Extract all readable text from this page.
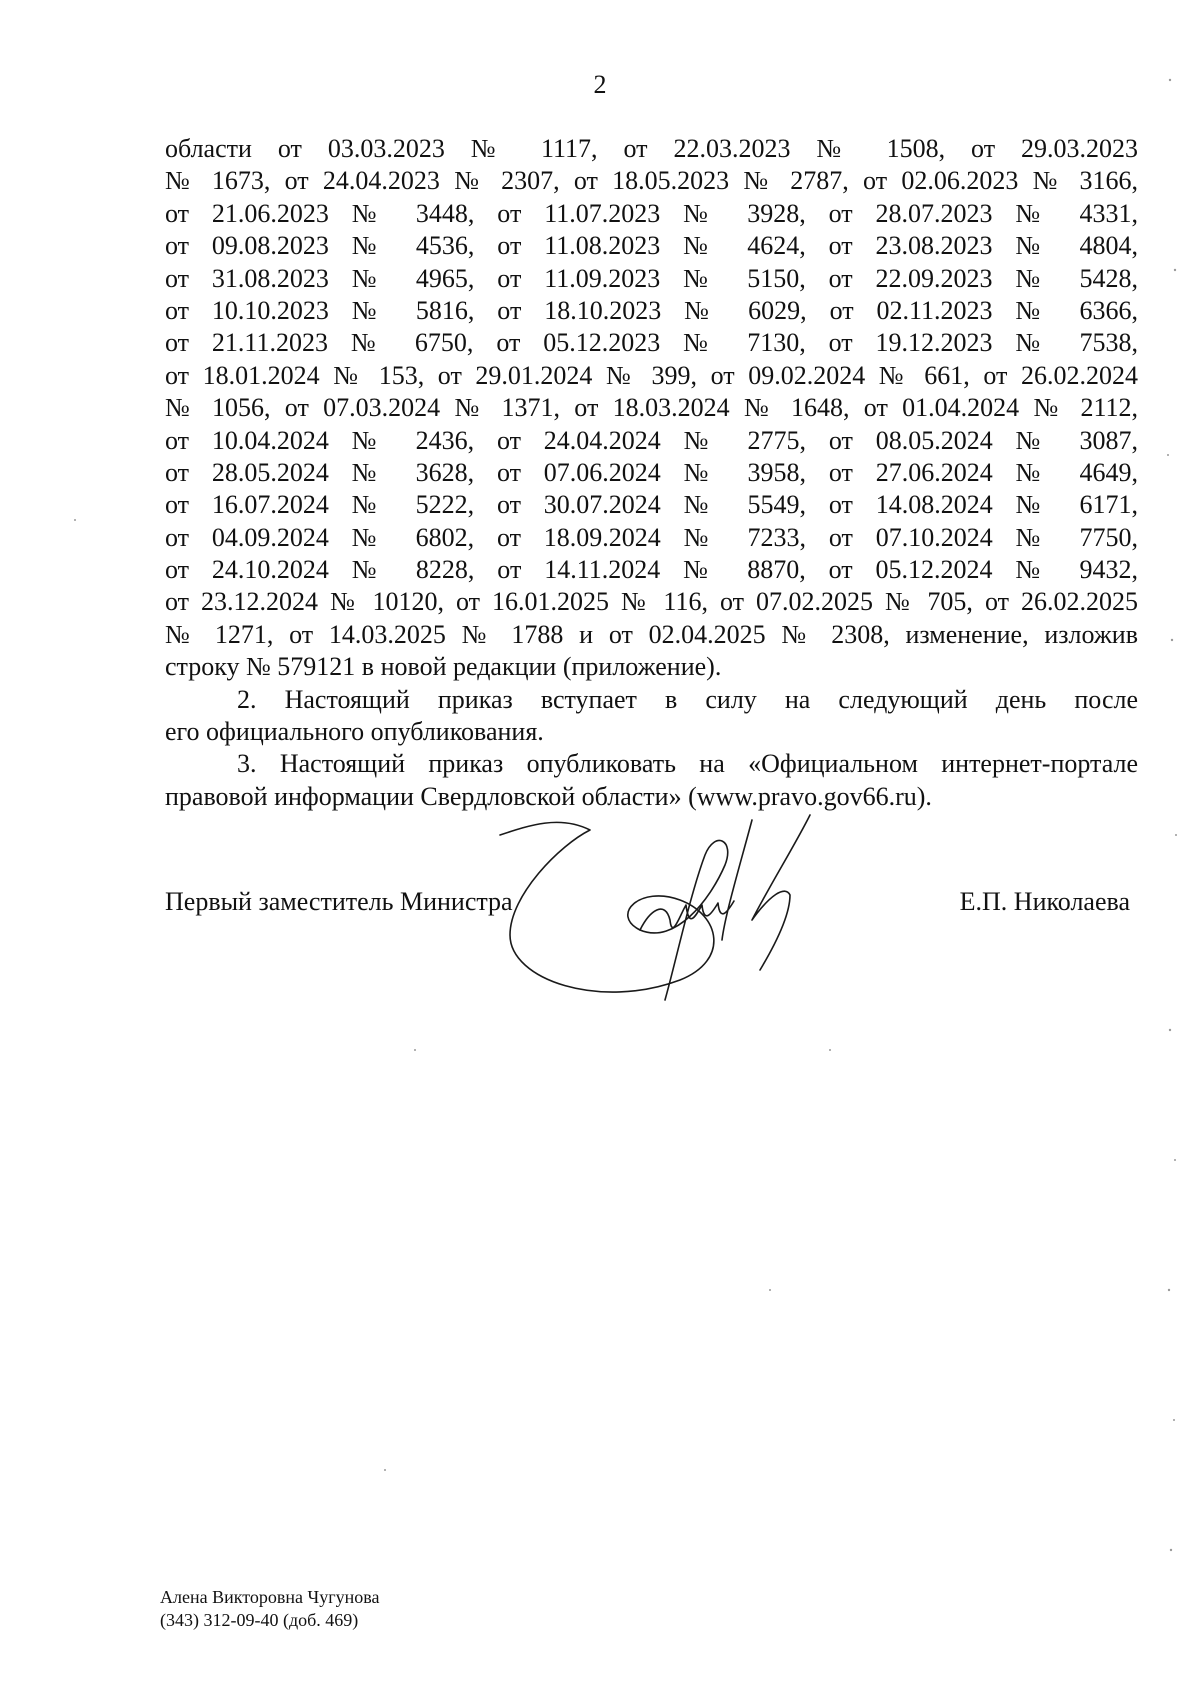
2
области от 03.03.2023 № 1117, от 22.03.2023 № 1508, от 29.03.2023
№ 1673, от 24.04.2023 № 2307, от 18.05.2023 № 2787, от 02.06.2023 № 3166,
от 21.06.2023 № 3448, от 11.07.2023 № 3928, от 28.07.2023 № 4331,
от 09.08.2023 № 4536, от 11.08.2023 № 4624, от 23.08.2023 № 4804,
от 31.08.2023 № 4965, от 11.09.2023 № 5150, от 22.09.2023 № 5428,
от 10.10.2023 № 5816, от 18.10.2023 № 6029, от 02.11.2023 № 6366,
от 21.11.2023 № 6750, от 05.12.2023 № 7130, от 19.12.2023 № 7538,
от 18.01.2024 № 153, от 29.01.2024 № 399, от 09.02.2024 № 661, от 26.02.2024
№ 1056, от 07.03.2024 № 1371, от 18.03.2024 № 1648, от 01.04.2024 № 2112,
от 10.04.2024 № 2436, от 24.04.2024 № 2775, от 08.05.2024 № 3087,
от 28.05.2024 № 3628, от 07.06.2024 № 3958, от 27.06.2024 № 4649,
от 16.07.2024 № 5222, от 30.07.2024 № 5549, от 14.08.2024 № 6171,
от 04.09.2024 № 6802, от 18.09.2024 № 7233, от 07.10.2024 № 7750,
от 24.10.2024 № 8228, от 14.11.2024 № 8870, от 05.12.2024 № 9432,
от 23.12.2024 № 10120, от 16.01.2025 № 116, от 07.02.2025 № 705, от 26.02.2025
№ 1271, от 14.03.2025 № 1788 и от 02.04.2025 № 2308, изменение, изложив
строку № 579121 в новой редакции (приложение).
2. Настоящий приказ вступает в силу на следующий день после
его официального опубликования.
3. Настоящий приказ опубликовать на «Официальном интернет-портале
правовой информации Свердловской области» (www.pravo.gov66.ru).
Первый заместитель Министра	Е.П. Николаева
Алена Викторовна Чугунова
(343) 312-09-40 (доб. 469)
